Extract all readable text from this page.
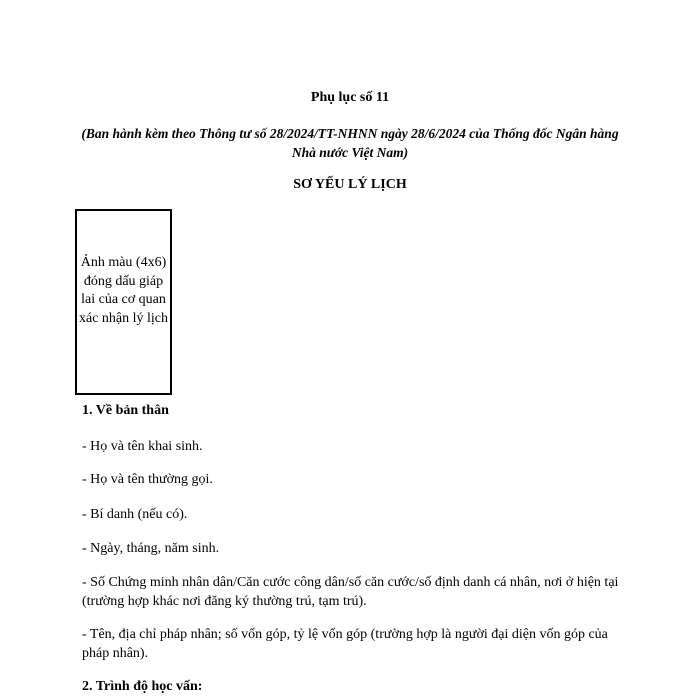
Phụ lục số 11
(Ban hành kèm theo Thông tư số 28/2024/TT-NHNN ngày 28/6/2024 của Thống đốc Ngân hàng Nhà nước Việt Nam)
SƠ YẾU LÝ LỊCH
Ảnh màu (4x6) đóng dấu giáp lai của cơ quan xác nhận lý lịch
1. Về bản thân
- Họ và tên khai sinh.
- Họ và tên thường gọi.
- Bí danh (nếu có).
- Ngày, tháng, năm sinh.
- Số Chứng minh nhân dân/Căn cước công dân/số căn cước/số định danh cá nhân, nơi ở hiện tại (trường hợp khác nơi đăng ký thường trú, tạm trú).
- Tên, địa chỉ pháp nhân; số vốn góp, tỷ lệ vốn góp (trường hợp là người đại diện vốn góp của pháp nhân).
2. Trình độ học vấn:
